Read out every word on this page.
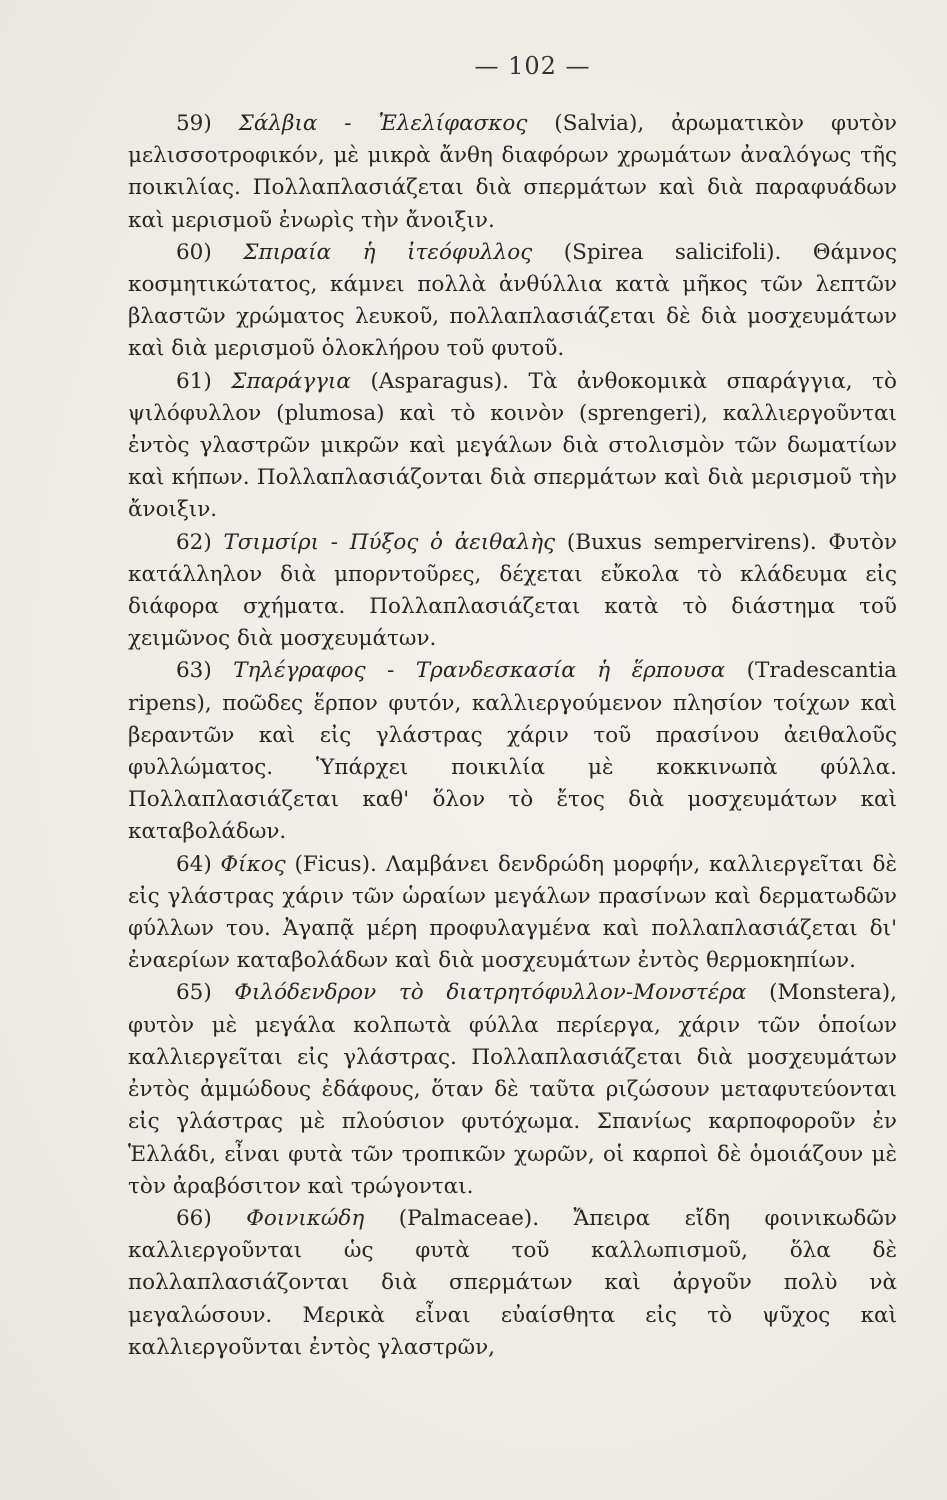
— 102 —

59) Σάλβια - Ἐλελίφασκος (Salvia), ἀρωματικὸν φυτὸν μελισσοτροφικόν, μὲ μικρὰ ἄνθη διαφόρων χρωμάτων ἀναλόγως τῆς ποικιλίας. Πολλαπλασιάζεται διὰ σπερμάτων καὶ διὰ παραφυάδων καὶ μερισμοῦ ἐνωρὶς τὴν ἄνοιξιν.

60) Σπιραία ἡ ἰτεόφυλλος (Spirea salicifoli). Θάμνος κοσμητικώτατος, κάμνει πολλὰ ἀνθύλλια κατὰ μῆκος τῶν λεπτῶν βλαστῶν χρώματος λευκοῦ, πολλαπλασιάζεται δὲ διὰ μοσχευμάτων καὶ διὰ μερισμοῦ ὁλοκλήρου τοῦ φυτοῦ.

61) Σπαράγγια (Asparagus). Τὰ ἀνθοκομικὰ σπαράγγια, τὸ ψιλόφυλλον (plumosa) καὶ τὸ κοινὸν (sprengeri), καλλιεργοῦνται ἐντὸς γλαστρῶν μικρῶν καὶ μεγάλων διὰ στολισμὸν τῶν δωματίων καὶ κήπων. Πολλαπλασιάζονται διὰ σπερμάτων καὶ διὰ μερισμοῦ τὴν ἄνοιξιν.

62) Τσιμσίρι - Πύξος ὁ ἀειθαλὴς (Buxus sempervirens). Φυτὸν κατάλληλον διὰ μπορντοῦρες, δέχεται εὔκολα τὸ κλάδευμα εἰς διάφορα σχήματα. Πολλαπλασιάζεται κατὰ τὸ διάστημα τοῦ χειμῶνος διὰ μοσχευμάτων.

63) Τηλέγραφος - Τρανδεσκασία ἡ ἕρπουσα (Tradescantia ripens), ποῶδες ἕρπον φυτόν, καλλιεργούμενον πλησίον τοίχων καὶ βεραντῶν καὶ εἰς γλάστρας χάριν τοῦ πρασίνου ἀειθαλοῦς φυλλώματος. Ὑπάρχει ποικιλία μὲ κοκκινωπὰ φύλλα. Πολλαπλασιάζεται καθ' ὅλον τὸ ἔτος διὰ μοσχευμάτων καὶ καταβολάδων.

64) Φίκος (Ficus). Λαμβάνει δενδρώδη μορφήν, καλλιεργεῖται δὲ εἰς γλάστρας χάριν τῶν ὡραίων μεγάλων πρασίνων καὶ δερματωδῶν φύλλων του. Ἀγαπᾷ μέρη προφυλαγμένα καὶ πολλαπλασιάζεται δι' ἐναερίων καταβολάδων καὶ διὰ μοσχευμάτων ἐντὸς θερμοκηπίων.

65) Φιλόδενδρον τὸ διατρητόφυλλον-Μονστέρα (Monstera), φυτὸν μὲ μεγάλα κολπωτὰ φύλλα περίεργα, χάριν τῶν ὁποίων καλλιεργεῖται εἰς γλάστρας. Πολλαπλασιάζεται διὰ μοσχευμάτων ἐντὸς ἀμμώδους ἐδάφους, ὅταν δὲ ταῦτα ριζώσουν μεταφυτεύονται εἰς γλάστρας μὲ πλούσιον φυτόχωμα. Σπανίως καρποφοροῦν ἐν Ἑλλάδι, εἶναι φυτὰ τῶν τροπικῶν χωρῶν, οἱ καρποὶ δὲ ὁμοιάζουν μὲ τὸν ἀραβόσιτον καὶ τρώγονται.

66) Φοινικώδη (Palmaceae). Ἄπειρα εἴδη φοινικωδῶν καλλιεργοῦνται ὡς φυτὰ τοῦ καλλωπισμοῦ, ὅλα δὲ πολλαπλασιάζονται διὰ σπερμάτων καὶ ἀργοῦν πολὺ νὰ μεγαλώσουν. Μερικὰ εἶναι εὐαίσθητα εἰς τὸ ψῦχος καὶ καλλιεργοῦνται ἐντὸς γλαστρῶν,
